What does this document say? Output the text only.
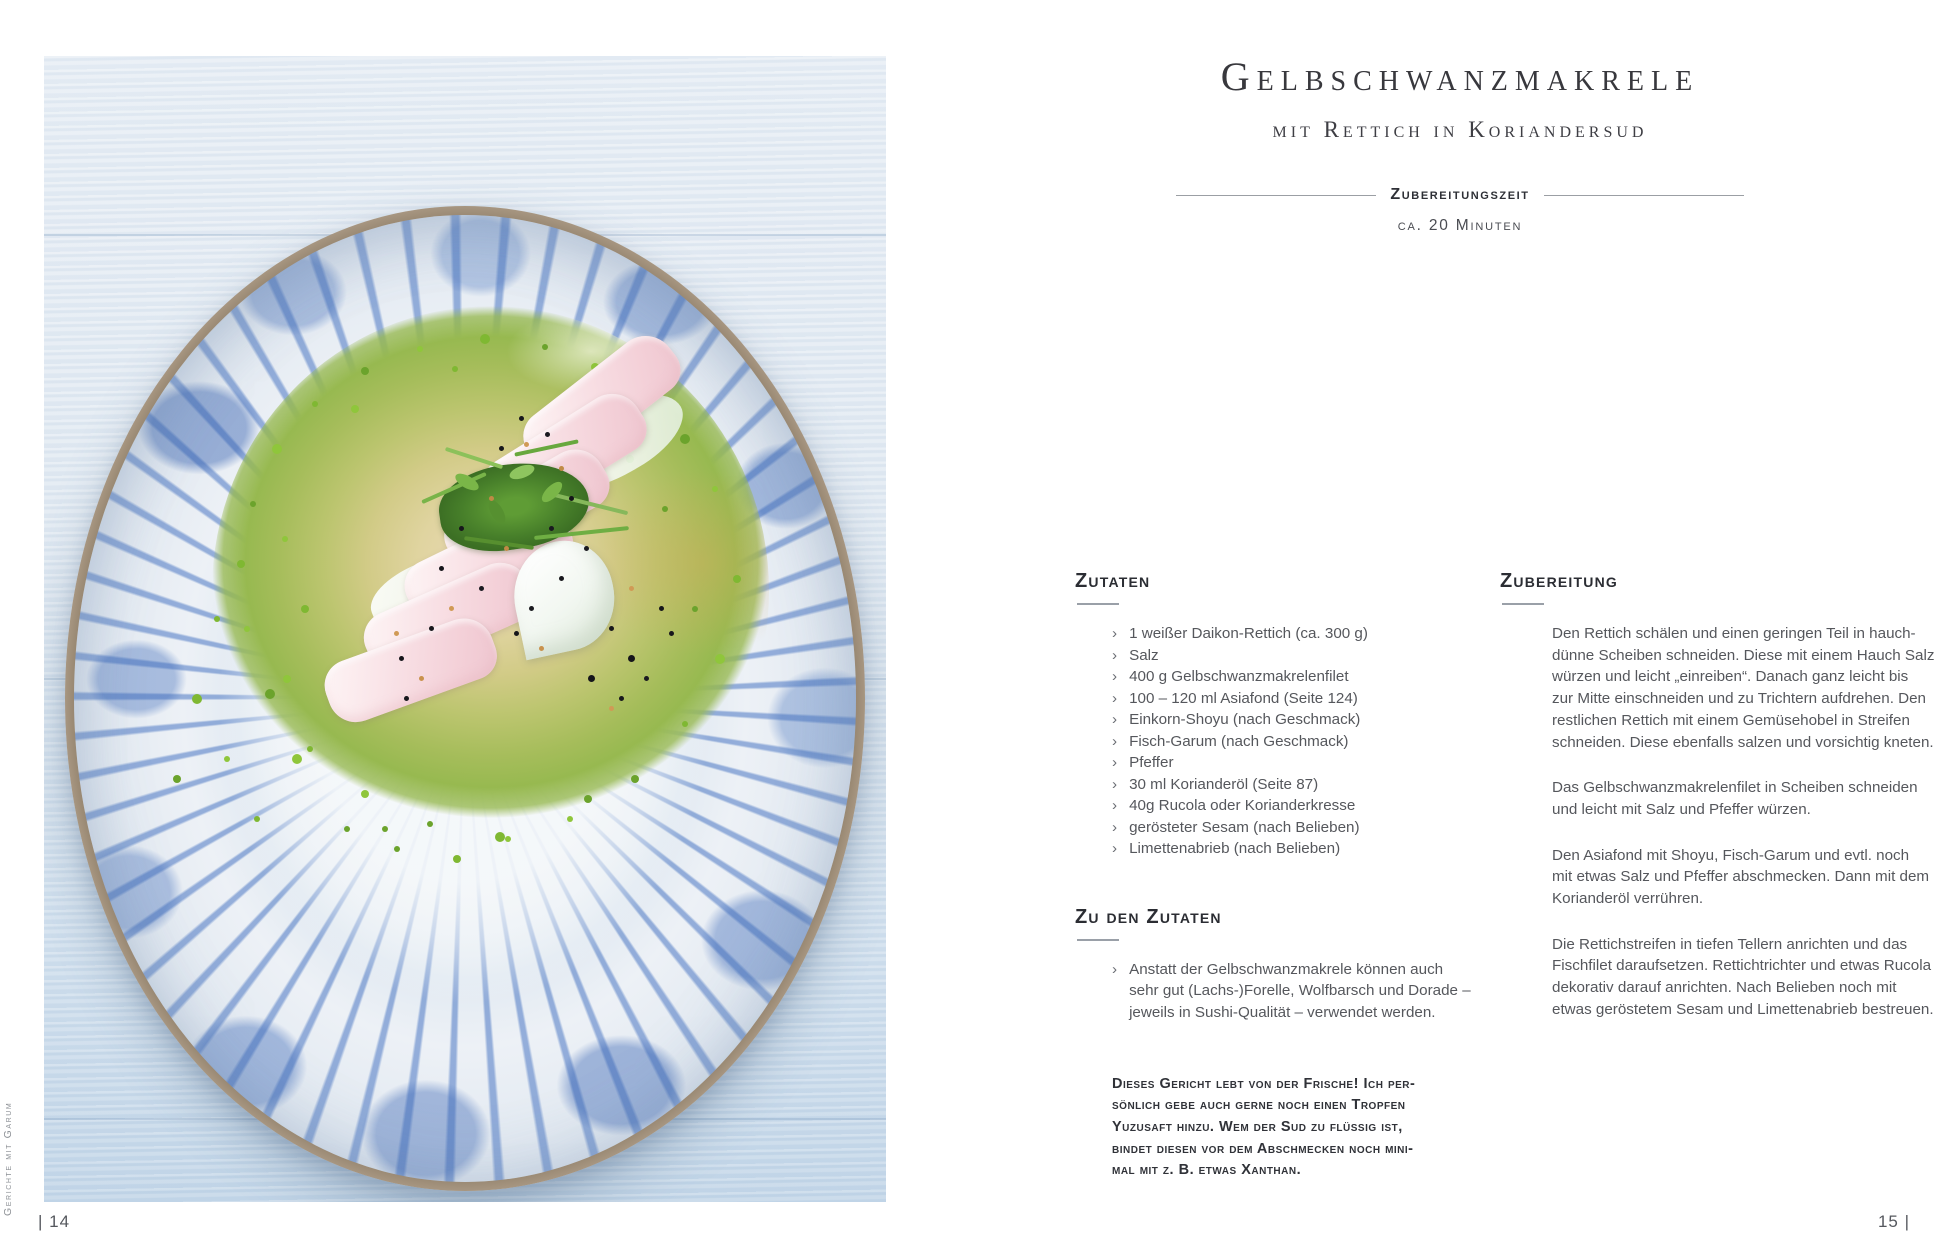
Gerichte mit Garum
Gelbschwanzmakrele
mit Rettich in Koriandersud
Zubereitungszeit
ca. 20 Minuten
Zutaten
› 1 weißer Daikon-Rettich (ca. 300 g)
› Salz
› 400 g Gelbschwanzmakrelenfilet
› 100 – 120 ml Asiafond (Seite 124)
› Einkorn-Shoyu (nach Geschmack)
› Fisch-Garum (nach Geschmack)
› Pfeffer
› 30 ml Korianderöl (Seite 87)
› 40g Rucola oder Korianderkresse
› gerösteter Sesam (nach Belieben)
› Limettenabrieb (nach Belieben)
Zu den Zutaten
› Anstatt der Gelbschwanzmakrele können auch
sehr gut (Lachs-)Forelle, Wolfbarsch und Dorade –
jeweils in Sushi-Qualität – verwendet werden.
Dieses Gericht lebt von der Frische! Ich per-
sönlich gebe auch gerne noch einen Tropfen
Yuzusaft hinzu. Wem der Sud zu flüssig ist,
bindet diesen vor dem Abschmecken noch mini-
mal mit z. B. etwas Xanthan.
Zubereitung

Den Rettich schälen und einen geringen Teil in hauch-
dünne Scheiben schneiden. Diese mit einem Hauch Salz
würzen und leicht „einreiben“. Danach ganz leicht bis
zur Mitte einschneiden und zu Trichtern aufdrehen. Den
restlichen Rettich mit einem Gemüsehobel in Streifen
schneiden. Diese ebenfalls salzen und vorsichtig kneten.

Das Gelbschwanzmakrelenfilet in Scheiben schneiden
und leicht mit Salz und Pfeffer würzen.

Den Asiafond mit Shoyu, Fisch-Garum und evtl. noch
mit etwas Salz und Pfeffer abschmecken. Dann mit dem
Korianderöl verrühren.

Die Rettichstreifen in tiefen Tellern anrichten und das
Fischfilet daraufsetzen. Rettichtrichter und etwas Rucola
dekorativ darauf anrichten. Nach Belieben noch mit
etwas geröstetem Sesam und Limettenabrieb bestreuen.

| 14	15 |
